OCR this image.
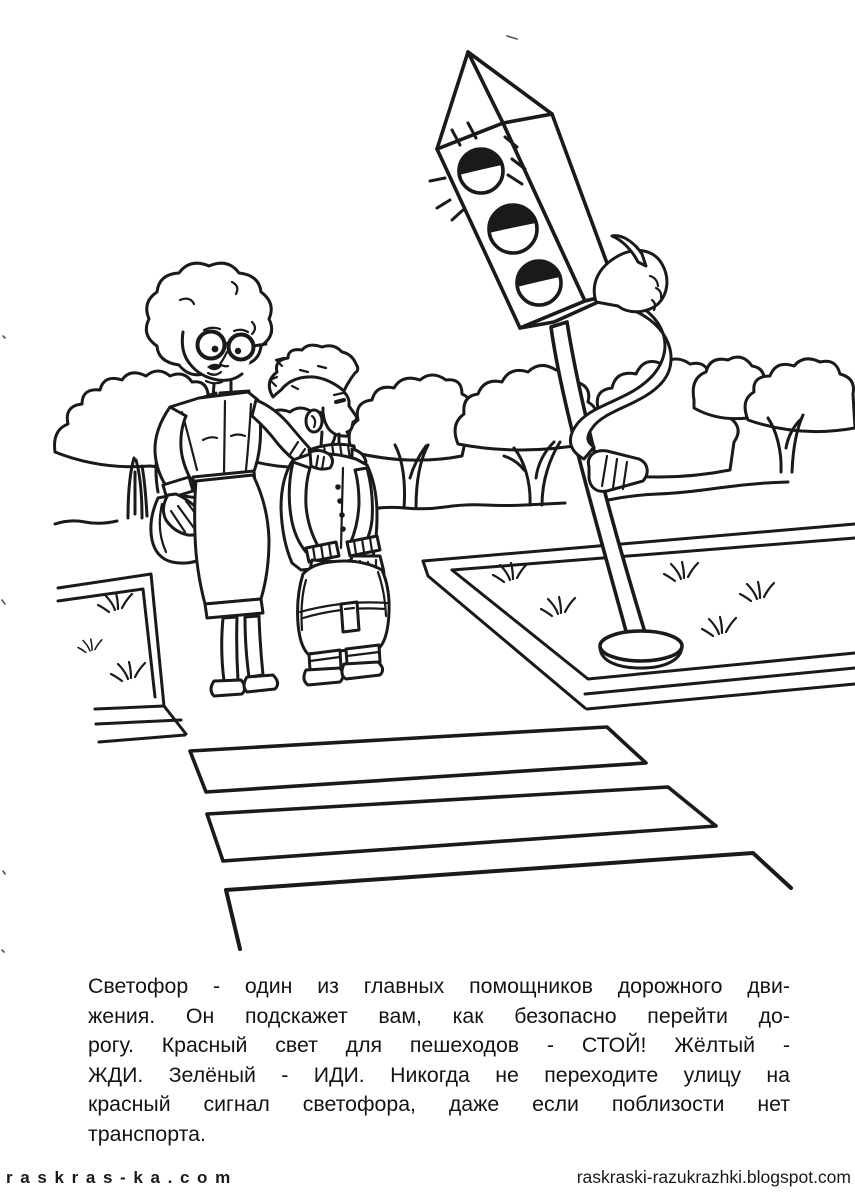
Светофор - один из главных помощников дорожного дви-
жения. Он подскажет вам, как безопасно перейти до-
рогу. Красный свет для пешеходов - СТОЙ! Жёлтый -
ЖДИ. Зелёный - ИДИ. Никогда не переходите улицу на
красный сигнал светофора, даже если поблизости нет
транспорта.
raskras-ka.com	raskraski-razukrazhki.blogspot.com
